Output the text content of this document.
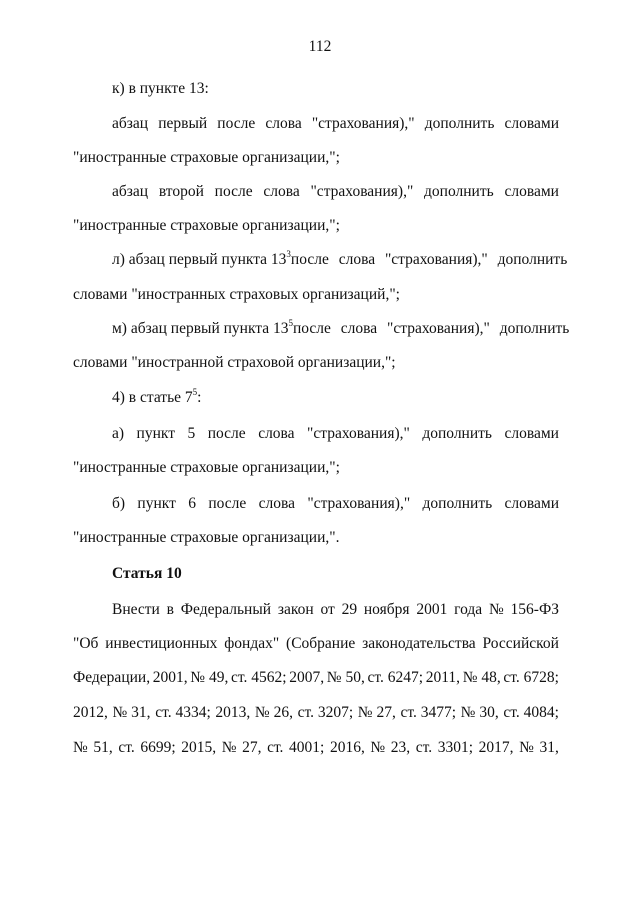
112
к) в пункте 13:
абзац первый после слова "страхования)," дополнить словами
"иностранные страховые организации,";
абзац второй после слова "страхования)," дополнить словами
"иностранные страховые организации,";
л) абзац первый пункта $13^3$ после слова "страхования)," дополнить
словами "иностранных страховых организаций,";
м) абзац первый пункта $13^5$ после слова "страхования)," дополнить
словами "иностранной страховой организации,";
4) в статье $7^5$:
а) пункт 5 после слова "страхования)," дополнить словами
"иностранные страховые организации,";
б) пункт 6 после слова "страхования)," дополнить словами
"иностранные страховые организации,".
Статья 10
Внести в Федеральный закон от 29 ноября 2001 года № 156-ФЗ
"Об инвестиционных фондах" (Собрание законодательства Российской
Федерации, 2001, № 49, ст. 4562; 2007, № 50, ст. 6247; 2011, № 48, ст. 6728;
2012, № 31, ст. 4334; 2013, № 26, ст. 3207; № 27, ст. 3477; № 30, ст. 4084;
№ 51, ст. 6699; 2015, № 27, ст. 4001; 2016, № 23, ст. 3301; 2017, № 31,
